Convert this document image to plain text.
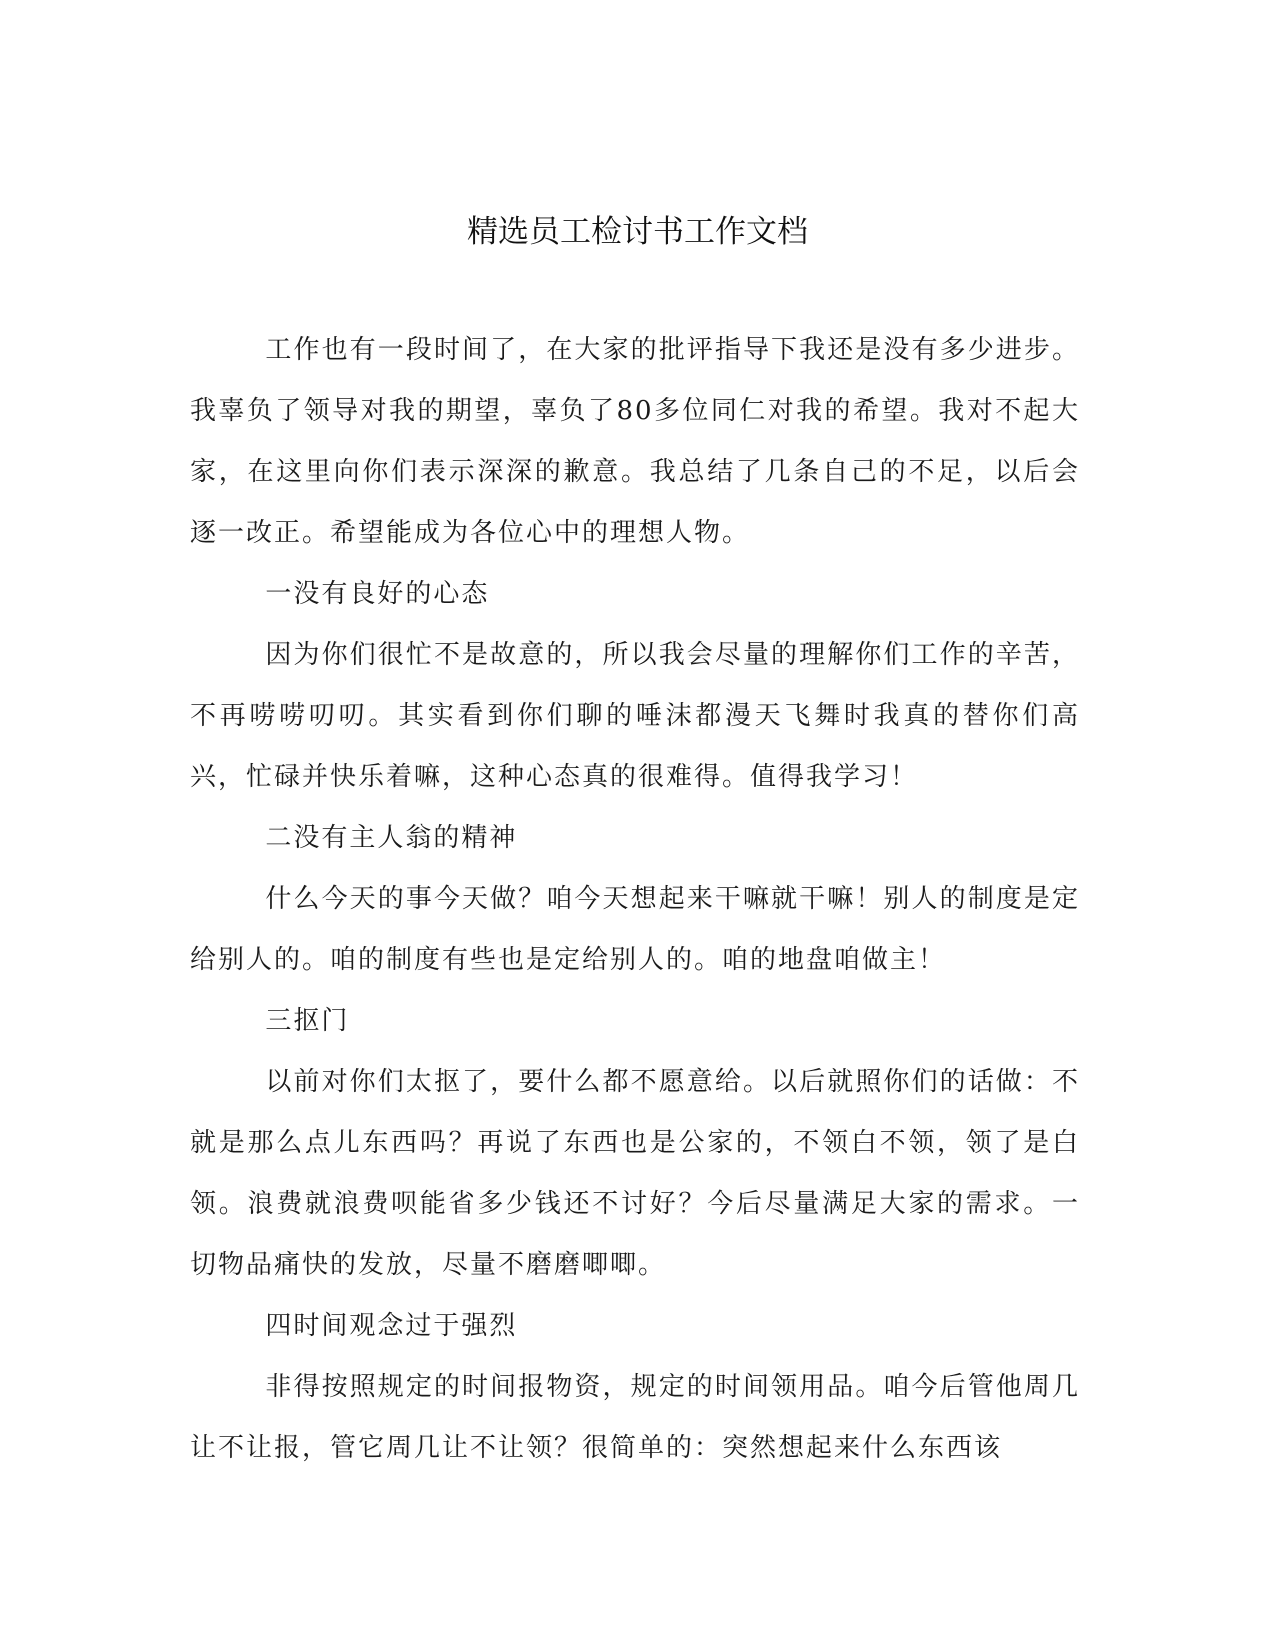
精选员工检讨书工作文档

工作也有一段时间了，在大家的批评指导下我还是没有多少进步。我辜负了领导对我的期望，辜负了80多位同仁对我的希望。我对不起大家，在这里向你们表示深深的歉意。我总结了几条自己的不足，以后会逐一改正。希望能成为各位心中的理想人物。

一没有良好的心态

因为你们很忙不是故意的，所以我会尽量的理解你们工作的辛苦，不再唠唠叨叨。其实看到你们聊的唾沫都漫天飞舞时我真的替你们高兴，忙碌并快乐着嘛，这种心态真的很难得。值得我学习！

二没有主人翁的精神

什么今天的事今天做？咱今天想起来干嘛就干嘛！别人的制度是定给别人的。咱的制度有些也是定给别人的。咱的地盘咱做主！

三抠门

以前对你们太抠了，要什么都不愿意给。以后就照你们的话做：不就是那么点儿东西吗？再说了东西也是公家的，不领白不领，领了是白领。浪费就浪费呗能省多少钱还不讨好？今后尽量满足大家的需求。一切物品痛快的发放，尽量不磨磨唧唧。

四时间观念过于强烈

非得按照规定的时间报物资，规定的时间领用品。咱今后管他周几让不让报，管它周几让不让领？很简单的：突然想起来什么东西该
